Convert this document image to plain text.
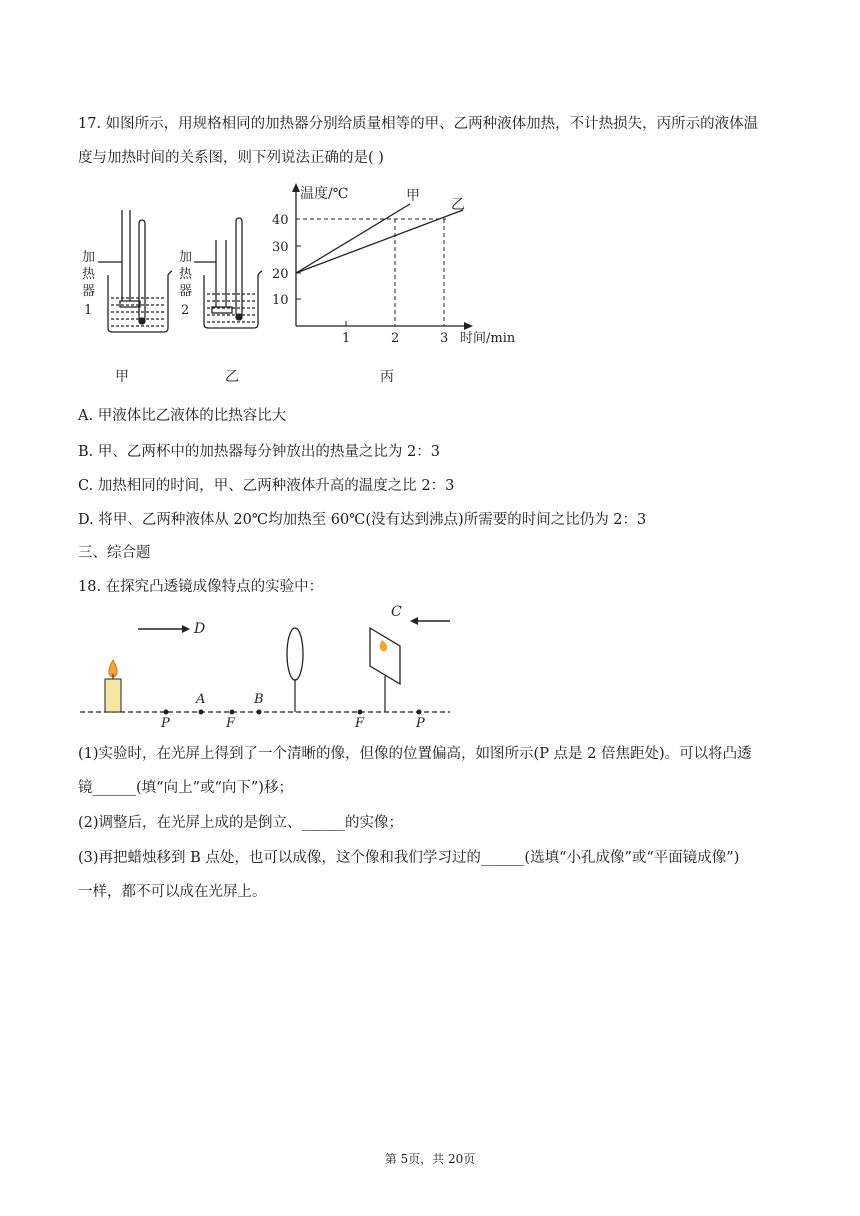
17. 如图所示，用规格相同的加热器分别给质量相等的甲、乙两种液体加热，不计热损失，丙所示的液体温
度与加热时间的关系图，则下列说法正确的是( )
加
热
器
1
加
热
器
2
温度/℃	甲
乙
10
20
30
40
1	2	3 时间/min
甲	乙	丙
A. 甲液体比乙液体的比热容比大
B. 甲、乙两杯中的加热器每分钟放出的热量之比为 2：3
C. 加热相同的时间，甲、乙两种液体升高的温度之比 2：3
D. 将甲、乙两种液体从 20℃均加热至 60℃(没有达到沸点)所需要的时间之比仍为 2：3
三、综合题
18. 在探究凸透镜成像特点的实验中：
D
C
A	B
P	F	F	P
(1)实验时，在光屏上得到了一个清晰的像，但像的位置偏高，如图所示(P 点是 2 倍焦距处)。可以将凸透
镜______(填“向上”或“向下”)移；
(2)调整后，在光屏上成的是倒立、______的实像；
(3)再把蜡烛移到 B 点处，也可以成像，这个像和我们学习过的______(选填“小孔成像”或“平面镜成像”)
一样，都不可以成在光屏上。
第 5页，共 20页
